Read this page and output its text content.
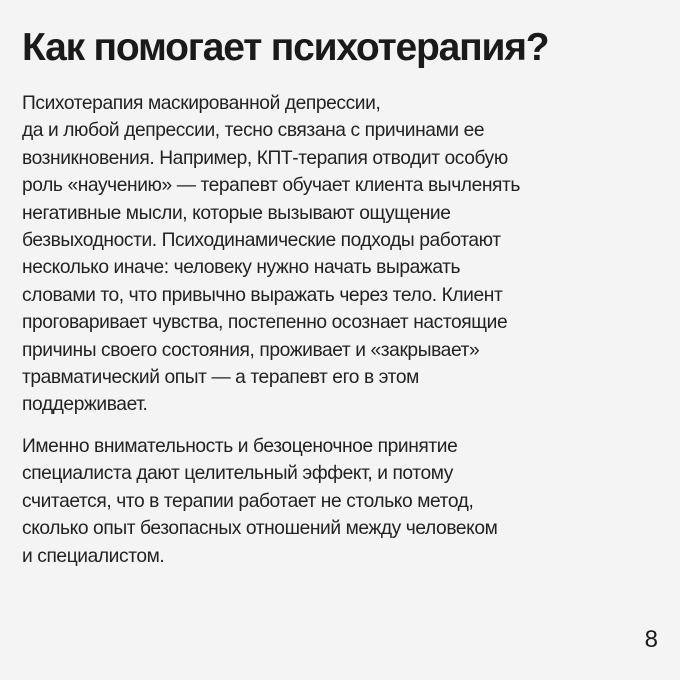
Как помогает психотерапия?

Психотерапия маскированной депрессии,
да и любой депрессии, тесно связана с причинами ее
возникновения. Например, КПТ-терапия отводит особую
роль «научению» — терапевт обучает клиента вычленять
негативные мысли, которые вызывают ощущение
безвыходности. Психодинамические подходы работают
несколько иначе: человеку нужно начать выражать
словами то, что привычно выражать через тело. Клиент
проговаривает чувства, постепенно осознает настоящие
причины своего состояния, проживает и «закрывает»
травматический опыт — а терапевт его в этом
поддерживает.

Именно внимательность и безоценочное принятие
специалиста дают целительный эффект, и потому
считается, что в терапии работает не столько метод,
сколько опыт безопасных отношений между человеком
и специалистом.

8
